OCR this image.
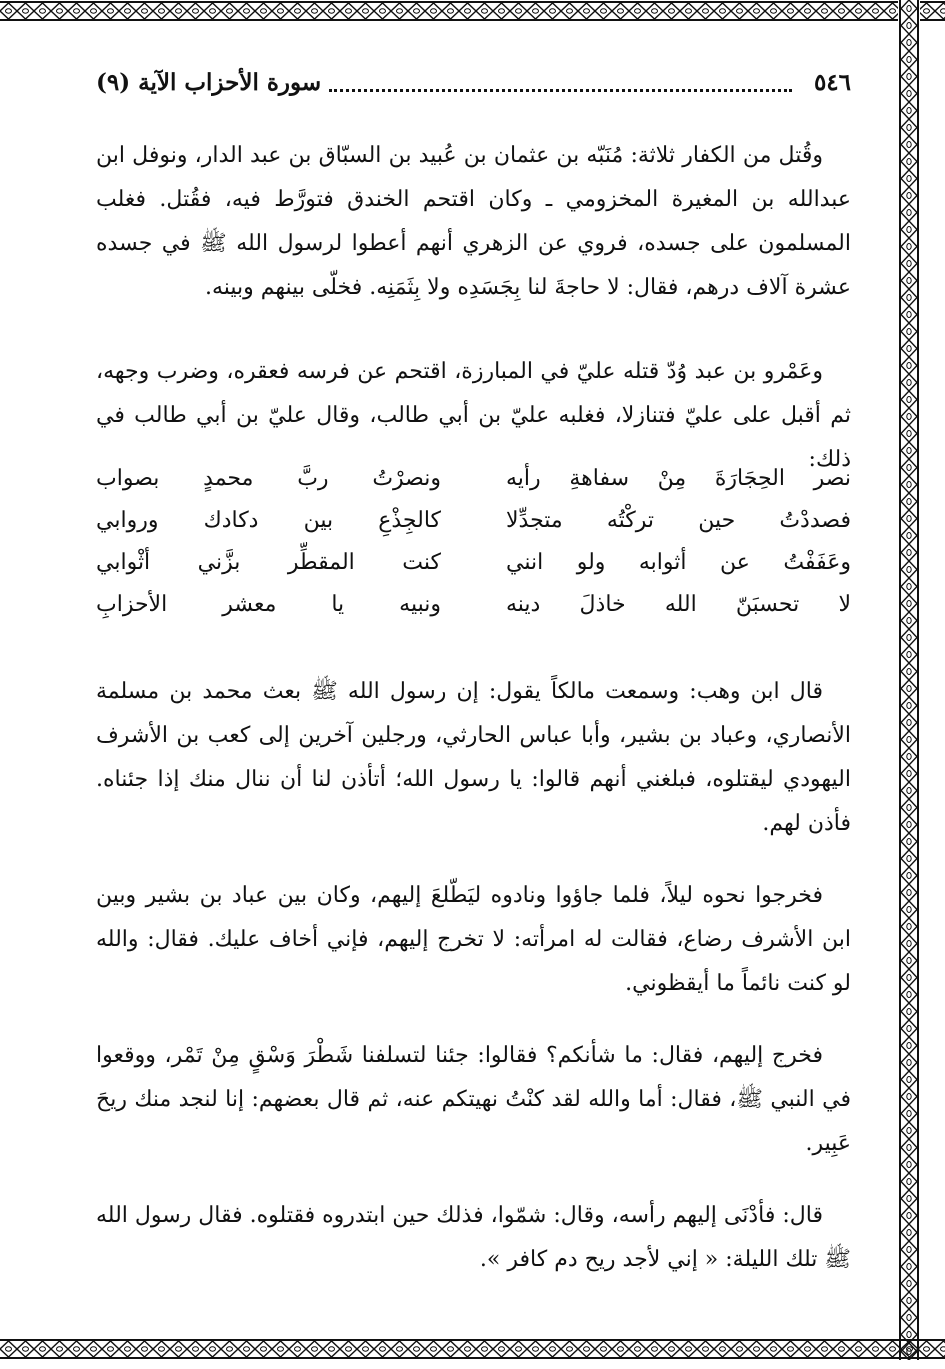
٥٤٦
سورة الأحزاب الآية (٩)
وقُتل من الكفار ثلاثة: مُنَبّه بن عثمان بن عُبيد بن السبّاق بن عبد الدار، ونوفل ابن عبدالله بن المغيرة المخزومي ـ وكان اقتحم الخندق فتورَّط فيه، فقُتل. فغلب المسلمون على جسده، فروي عن الزهري أنهم أعطوا لرسول الله ﷺ في جسده عشرة آلاف درهم، فقال: لا حاجةَ لنا بِجَسَدِه ولا بِثَمَنِه. فخلّى بينهم وبينه.
وعَمْرو بن عبد وُدّ قتله عليّ في المبارزة، اقتحم عن فرسه فعقره، وضرب وجهه، ثم أقبل على عليّ فتنازلا، فغلبه عليّ بن أبي طالب، وقال عليّ بن أبي طالب في ذلك:
نصر الحِجَارَةَ مِنْ سفاهةِ رأيه
ونصرْتُ ربَّ محمدٍ بصواب
فصددْتُ حين تركْتُه متجدِّلا
كالجِذْعِ بين دكادك وروابي
وعَفَفْتُ عن أثوابه ولو انني
كنت المقطِّر بزَّني أثْوابي
لا تحسبَنّ الله خاذلَ دينه
ونبيه يا معشر الأحزابِ
قال ابن وهب: وسمعت مالكاً يقول: إن رسول الله ﷺ بعث محمد بن مسلمة الأنصاري، وعباد بن بشير، وأبا عباس الحارثي، ورجلين آخرين إلى كعب بن الأشرف اليهودي ليقتلوه، فبلغني أنهم قالوا: يا رسول الله؛ أتأذن لنا أن ننال منك إذا جئناه. فأذن لهم.
فخرجوا نحوه ليلاً، فلما جاؤوا ونادوه ليَطّلعَ إليهم، وكان بين عباد بن بشير وبين ابن الأشرف رضاع، فقالت له امرأته: لا تخرج إليهم، فإني أخاف عليك. فقال: والله لو كنت نائماً ما أيقظوني.
فخرج إليهم، فقال: ما شأنكم؟ فقالوا: جئنا لتسلفنا شَطْرَ وَسْقٍ مِنْ تَمْر، ووقعوا في النبي ﷺ، فقال: أما والله لقد كنْتُ نهيتكم عنه، ثم قال بعضهم: إنا لنجد منك ريحَ عَبِير.
قال: فأدْنَى إليهم رأسه، وقال: شمّوا، فذلك حين ابتدروه فقتلوه. فقال رسول الله ﷺ تلك الليلة: « إني لأجد ريح دم كافر ».
